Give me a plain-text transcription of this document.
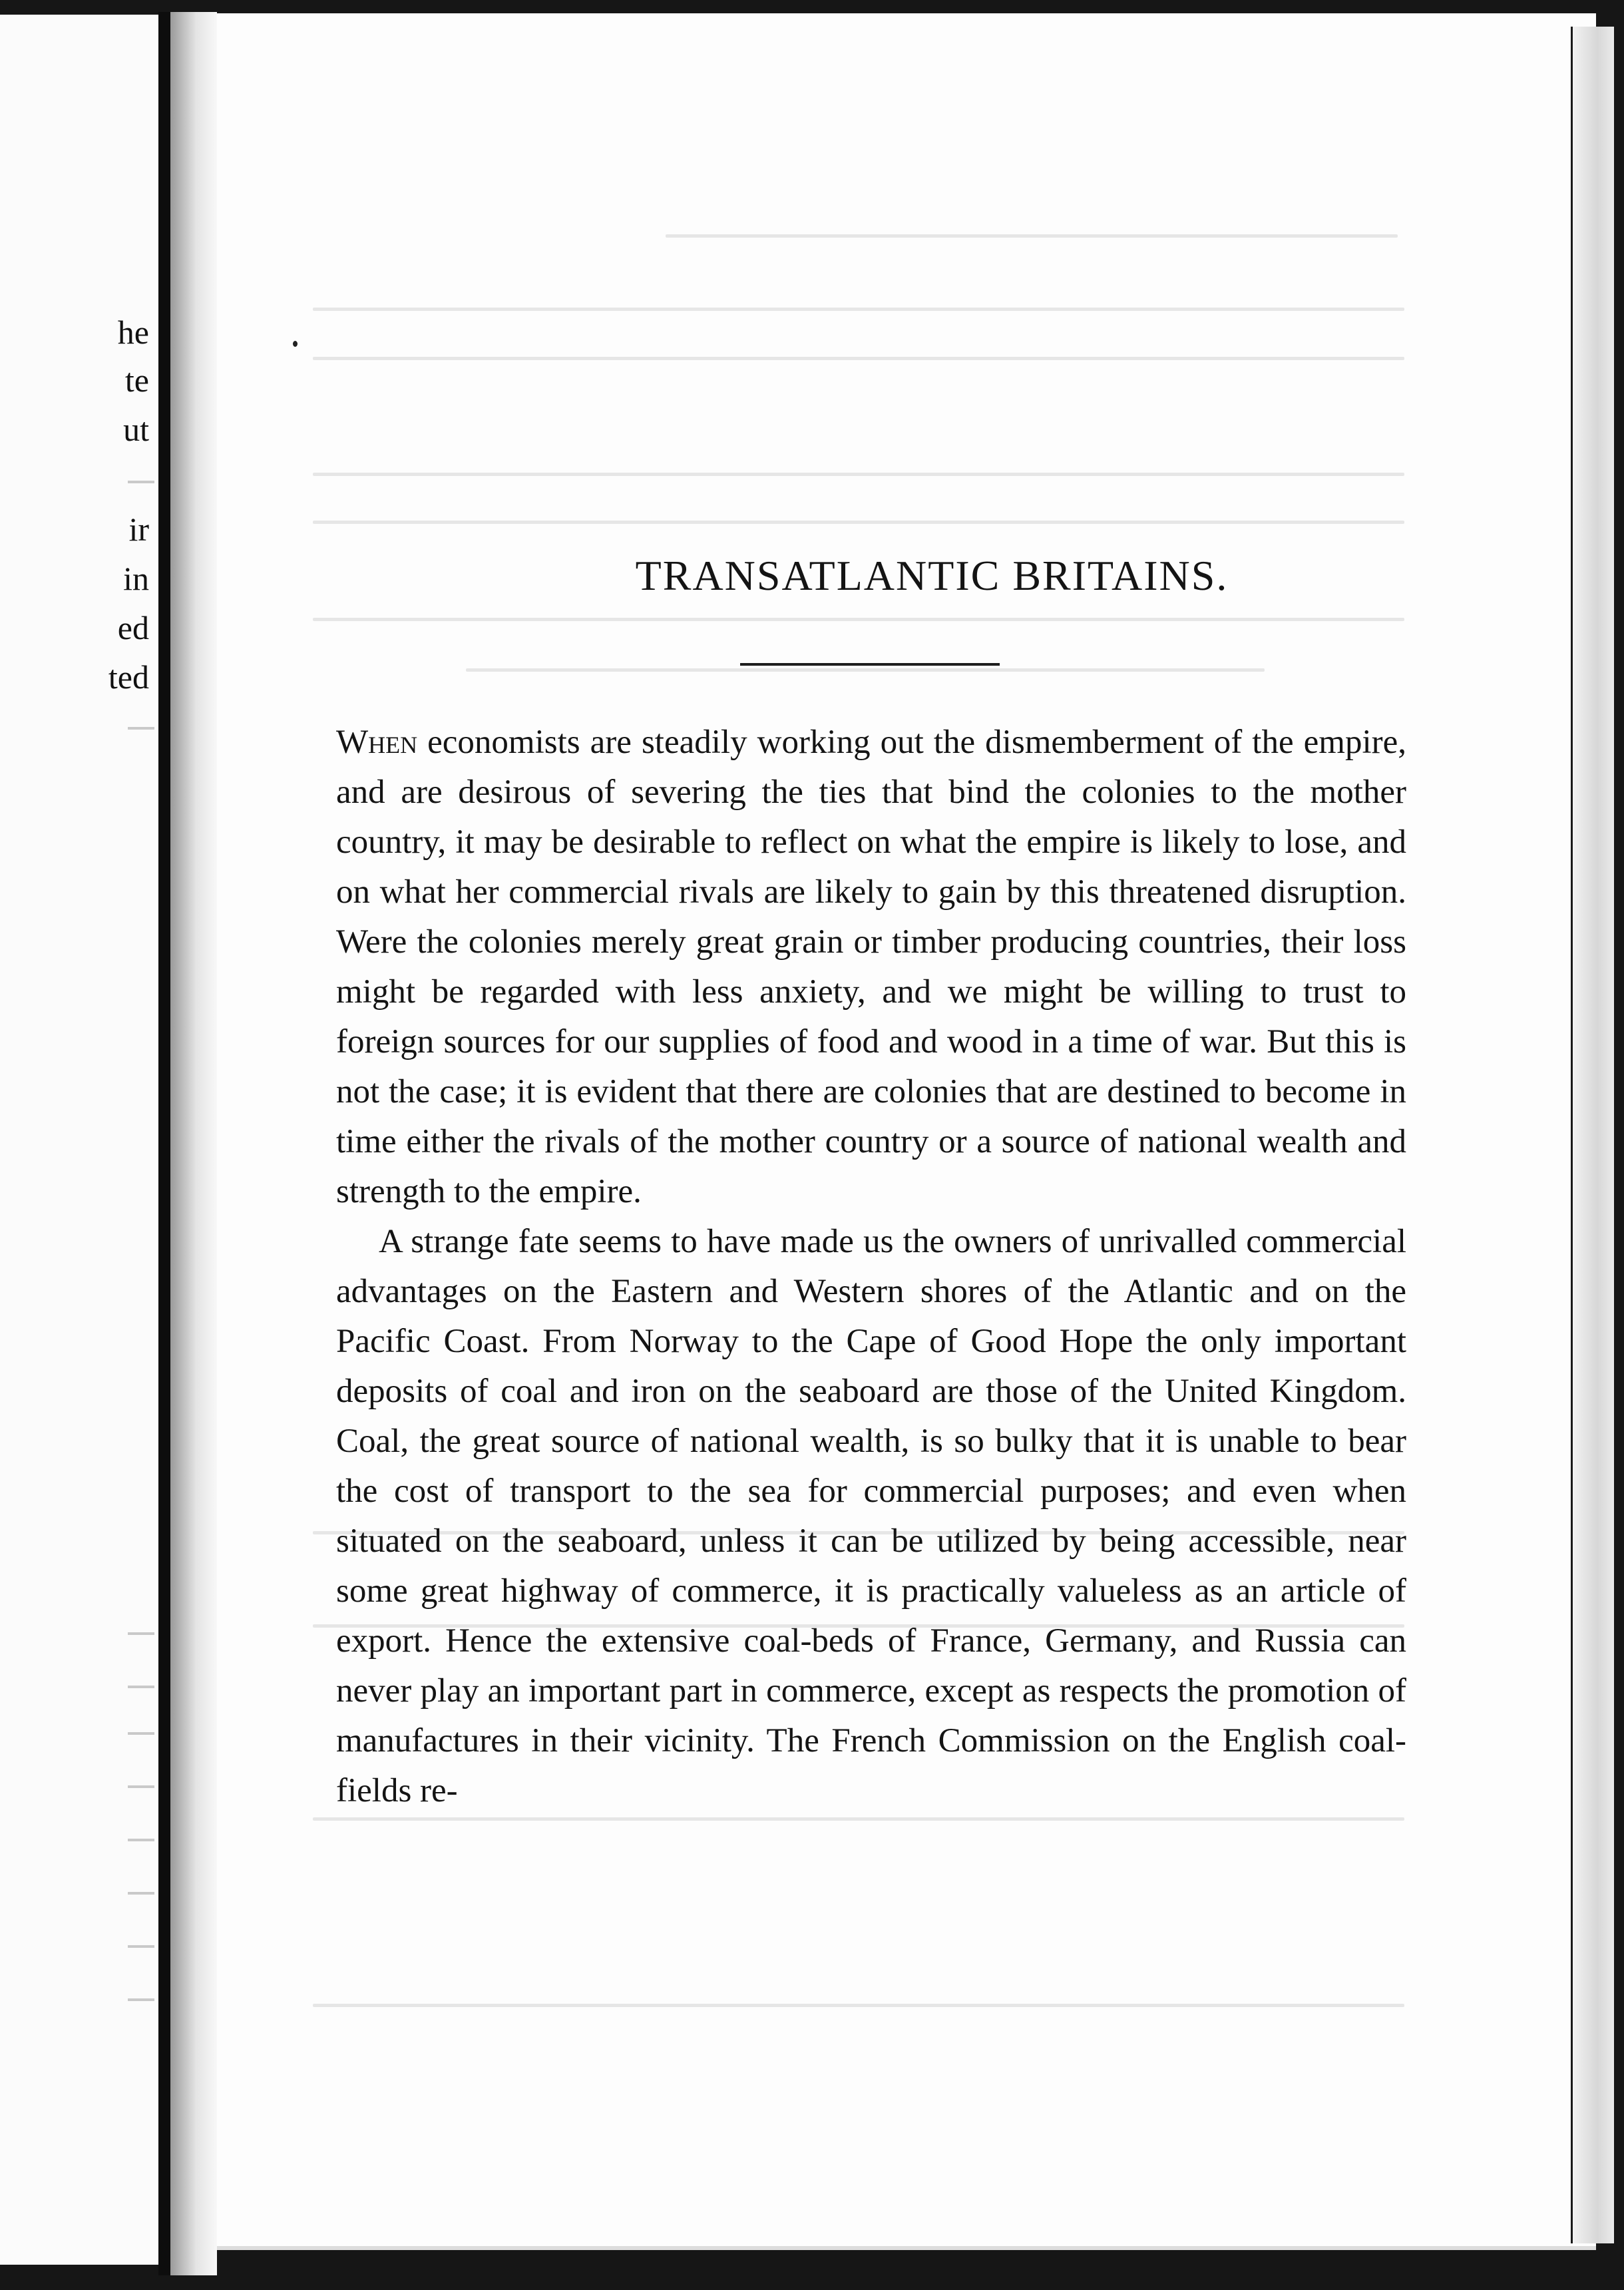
he
te
ut
ir
in
ed
ted
TRANSATLANTIC BRITAINS.

When economists are steadily working out the dismemberment of the empire, and are desirous of severing the ties that bind the colonies to the mother country, it may be desirable to reflect on what the empire is likely to lose, and on what her commercial rivals are likely to gain by this threatened disruption. Were the colonies merely great grain or timber producing countries, their loss might be regarded with less anxiety, and we might be willing to trust to foreign sources for our supplies of food and wood in a time of war. But this is not the case; it is evident that there are colonies that are destined to become in time either the rivals of the mother country or a source of national wealth and strength to the empire.

A strange fate seems to have made us the owners of unrivalled commercial advantages on the Eastern and Western shores of the Atlantic and on the Pacific Coast. From Norway to the Cape of Good Hope the only important deposits of coal and iron on the seaboard are those of the United Kingdom. Coal, the great source of national wealth, is so bulky that it is unable to bear the cost of transport to the sea for commercial purposes; and even when situated on the seaboard, unless it can be utilized by being accessible, near some great highway of commerce, it is practically valueless as an article of export. Hence the extensive coal-beds of France, Germany, and Russia can never play an important part in commerce, except as respects the promotion of manufactures in their vicinity. The French Commission on the English coal-fields re-
